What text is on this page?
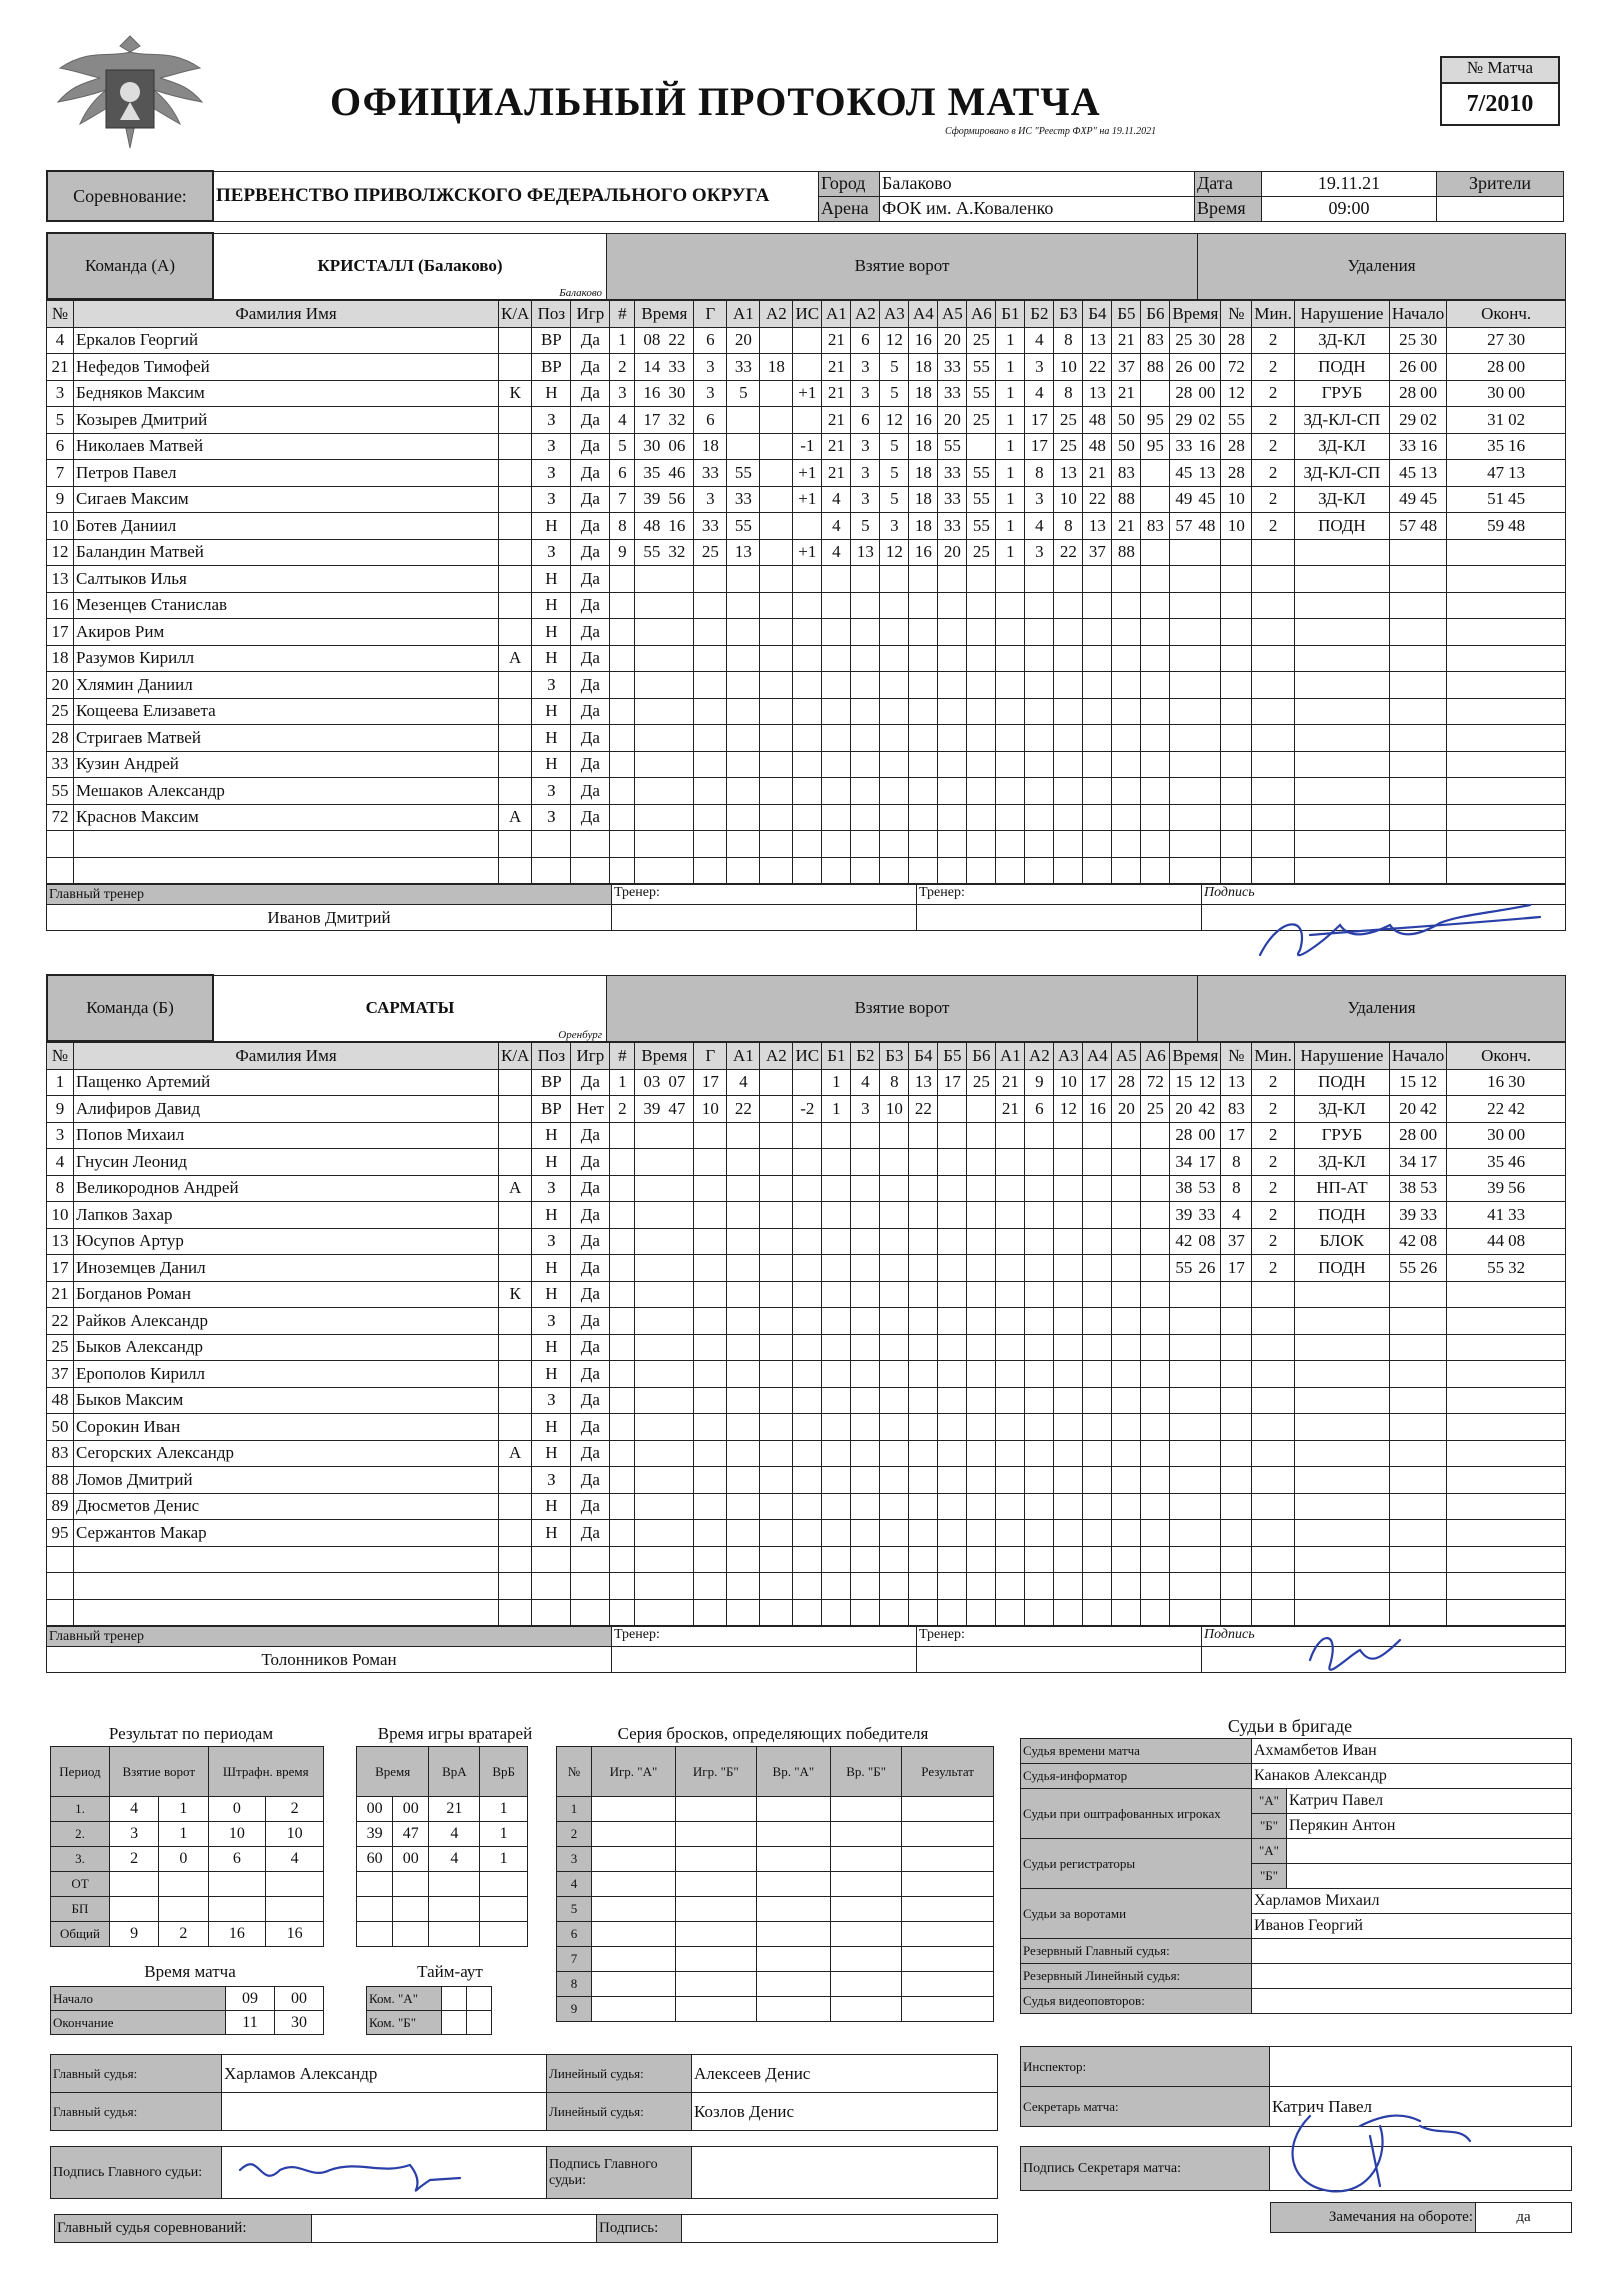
ОФИЦИАЛЬНЫЙ ПРОТОКОЛ МАТЧА
Сформировано в ИС "Реестр ФХР" на 19.11.2021
№ Матча
7/2010
Соревнование:	ПЕРВЕНСТВО ПРИВОЛЖСКОГО ФЕДЕРАЛЬНОГО ОКРУГА	Город	Балаково	Дата	19.11.21	Зрители
		Арена	ФОК им. А.Коваленко	Время	09:00	
Команда (А)	КРИСТАЛЛ (Балаково)
Балаково
	Взятие ворот	Удаления
№	Фамилия Имя	К/А	Поз	Игр	#	Время	Г	А1	А2	ИС	А1	А2	А3	А4	А5	А6	Б1	Б2	Б3	Б4	Б5	Б6	Время	№	Мин.	Нарушение	Начало	Оконч.
4	Еркалов Георгий		ВР	Да	1	08 22	6	20			21	6	12	16	20	25	1	4	8	13	21	83	25 30	28	2	ЗД-КЛ	25 30	27 30
21	Нефедов Тимофей		ВР	Да	2	14 33	3	33	18		21	3	5	18	33	55	1	3	10	22	37	88	26 00	72	2	ПОДН	26 00	28 00
3	Бедняков Максим	К	Н	Да	3	16 30	3	5		+1	21	3	5	18	33	55	1	4	8	13	21		28 00	12	2	ГРУБ	28 00	30 00
5	Козырев Дмитрий		З	Да	4	17 32	6				21	6	12	16	20	25	1	17	25	48	50	95	29 02	55	2	ЗД-КЛ-СП	29 02	31 02
6	Николаев Матвей		З	Да	5	30 06	18			-1	21	3	5	18	55		1	17	25	48	50	95	33 16	28	2	ЗД-КЛ	33 16	35 16
7	Петров Павел		З	Да	6	35 46	33	55		+1	21	3	5	18	33	55	1	8	13	21	83		45 13	28	2	ЗД-КЛ-СП	45 13	47 13
9	Сигаев Максим		З	Да	7	39 56	3	33		+1	4	3	5	18	33	55	1	3	10	22	88		49 45	10	2	ЗД-КЛ	49 45	51 45
10	Ботев Даниил		Н	Да	8	48 16	33	55			4	5	3	18	33	55	1	4	8	13	21	83	57 48	10	2	ПОДН	57 48	59 48
12	Баландин Матвей		З	Да	9	55 32	25	13		+1	4	13	12	16	20	25	1	3	22	37	88							
13	Салтыков Илья		Н	Да																								
16	Мезенцев Станислав		Н	Да																								
17	Акиров Рим		Н	Да																								
18	Разумов Кирилл	А	Н	Да																								
20	Хлямин Даниил		З	Да																								
25	Кощеева Елизавета		Н	Да																								
28	Стригаев Матвей		Н	Да																								
33	Кузин Андрей		Н	Да																								
55	Мешаков Александр		З	Да																								
72	Краснов Максим	А	З	Да																								

Главный тренер	Тренер:	Тренер:	Подпись
Иванов Дмитрий			
Команда (Б)	САРМАТЫ
Оренбург
	Взятие ворот	Удаления
№	Фамилия Имя	К/А	Поз	Игр	#	Время	Г	А1	А2	ИС	Б1	Б2	Б3	Б4	Б5	Б6	А1	А2	А3	А4	А5	А6	Время	№	Мин.	Нарушение	Начало	Оконч.
1	Пащенко Артемий		ВР	Да	1	03 07	17	4			1	4	8	13	17	25	21	9	10	17	28	72	15 12	13	2	ПОДН	15 12	16 30
9	Алифиров Давид		ВР	Нет	2	39 47	10	22		-2	1	3	10	22			21	6	12	16	20	25	20 42	83	2	ЗД-КЛ	20 42	22 42
3	Попов Михаил		Н	Да																			28 00	17	2	ГРУБ	28 00	30 00
4	Гнусин Леонид		Н	Да																			34 17	8	2	ЗД-КЛ	34 17	35 46
8	Великороднов Андрей	А	З	Да																			38 53	8	2	НП-АТ	38 53	39 56
10	Лапков Захар		Н	Да																			39 33	4	2	ПОДН	39 33	41 33
13	Юсупов Артур		З	Да																			42 08	37	2	БЛОК	42 08	44 08
17	Иноземцев Данил		Н	Да																			55 26	17	2	ПОДН	55 26	55 32
21	Богданов Роман	К	Н	Да																								
22	Райков Александр		З	Да																								
25	Быков Александр		Н	Да																								
37	Ерополов Кирилл		Н	Да																								
48	Быков Максим		З	Да																								
50	Сорокин Иван		Н	Да																								
83	Сегорских Александр	А	Н	Да																								
88	Ломов Дмитрий		З	Да																								
89	Дюсметов Денис		Н	Да																								
95	Сержантов Макар		Н	Да																								

Главный тренер	Тренер:	Тренер:	Подпись
Толонникoв Роман			
Результат по периодам
Период	Взятие ворот		Штрафн. время	
1.	4	1	0	2
2.	3	1	10	10
3.	2	0	6	4
ОТ				
БП				
Общий	9	2	16	16
Время игры вратарей
Время		ВрА	ВрБ
00	00	21	1
39	47	4	1
60	00	4	1

Время матча
Начало	09	00
Окончание	11	30
Тайм-аут
Ком. "А"		
Ком. "Б"		
Серия бросков, определяющих победителя
№	Игр. "А"	Игр. "Б"	Вр. "А"	Вр. "Б"	Результат
1					
2					
3					
4					
5					
6					
7					
8					
9					
Судьи в бригаде
Судья времени матча	Ахмамбетов Иван	
Судья-информатор	Канаков Александр	
Судьи при оштрафованных игроках	"А"	Катрич Павел
	"Б"	Перякин Антон
Судьи регистраторы	"А"	
	"Б"	
Судьи за воротами	Харламов Михаил	
	Иванов Георгий	
Резервный Главный судья:		
Резервный Линейный судья:		
Судья видеоповторов:		
Главный судья:	Харламов Александр	Линейный судья:	Алексеев Денис
Главный судья:		Линейный судья:	Козлов Денис
Инспектор:	
Секретарь матча:	Катрич Павел
Подпись Главного судьи:		Подпись Главного судьи:	
Подпись Секретаря матча:	
Главный судья соревнований:		Подпись:	
Замечания на обороте:	да
